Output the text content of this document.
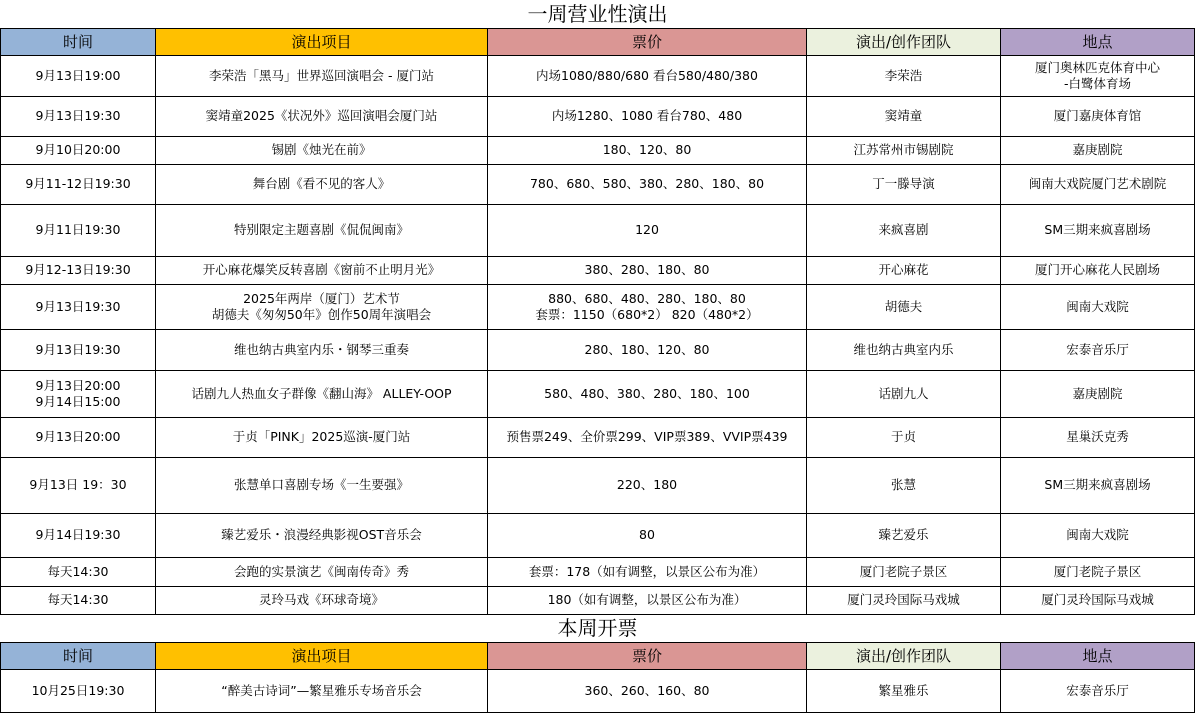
一周营业性演出				
时间	演出项目	票价	演出/创作团队	地点

9月13日19:00	李荣浩「黑马」世界巡回演唱会 - 厦门站	内场1080/880/680 看台580/480/380	李荣浩	厦门奥林匹克体育中心
-白鹭体育场

9月13日19:30	窦靖童2025《状况外》巡回演唱会厦门站	内场1280、1080 看台780、480	窦靖童	厦门嘉庚体育馆

9月10日20:00	锡剧《烛光在前》	180、120、80	江苏常州市锡剧院	嘉庚剧院

9月11-12日19:30	舞台剧《看不见的客人》	780、680、580、380、280、180、80	丁一滕导演	闽南大戏院厦门艺术剧院

9月11日19:30	特别限定主题喜剧《侃侃闽南》	120	来疯喜剧	SM三期来疯喜剧场

9月12-13日19:30	开心麻花爆笑反转喜剧《窗前不止明月光》	380、280、180、80	开心麻花	厦门开心麻花人民剧场

9月13日19:30	2025年两岸（厦门）艺术节
胡德夫《匆匆50年》创作50周年演唱会	880、680、480、280、180、80
套票：1150（680*2） 820（480*2）	胡德夫	闽南大戏院

9月13日19:30	维也纳古典室内乐・钢琴三重奏	280、180、120、80	维也纳古典室内乐	宏泰音乐厅

9月13日20:00
9月14日15:00	话剧九人热血女子群像《翻山海》 ALLEY-OOP	580、480、380、280、180、100	话剧九人	嘉庚剧院

9月13日20:00	于贞「PINK」2025巡演-厦门站	预售票249、全价票299、VIP票389、VVIP票439	于贞	星巢沃克秀

9月13日 19：30	张慧单口喜剧专场《一生要强》	220、180	张慧	SM三期来疯喜剧场

9月14日19:30	臻艺爱乐・浪漫经典影视OST音乐会	80	臻艺爱乐	闽南大戏院

每天14:30	会跑的实景演艺《闽南传奇》秀	套票：178（如有调整，以景区公布为准）	厦门老院子景区	厦门老院子景区

每天14:30	灵玲马戏《环球奇境》	180（如有调整，以景区公布为准）	厦门灵玲国际马戏城	厦门灵玲国际马戏城

本周开票				
时间	演出项目	票价	演出/创作团队	地点

10月25日19:30	“醉美古诗词”—繁星雅乐专场音乐会	360、260、160、80	繁星雅乐	宏泰音乐厅
